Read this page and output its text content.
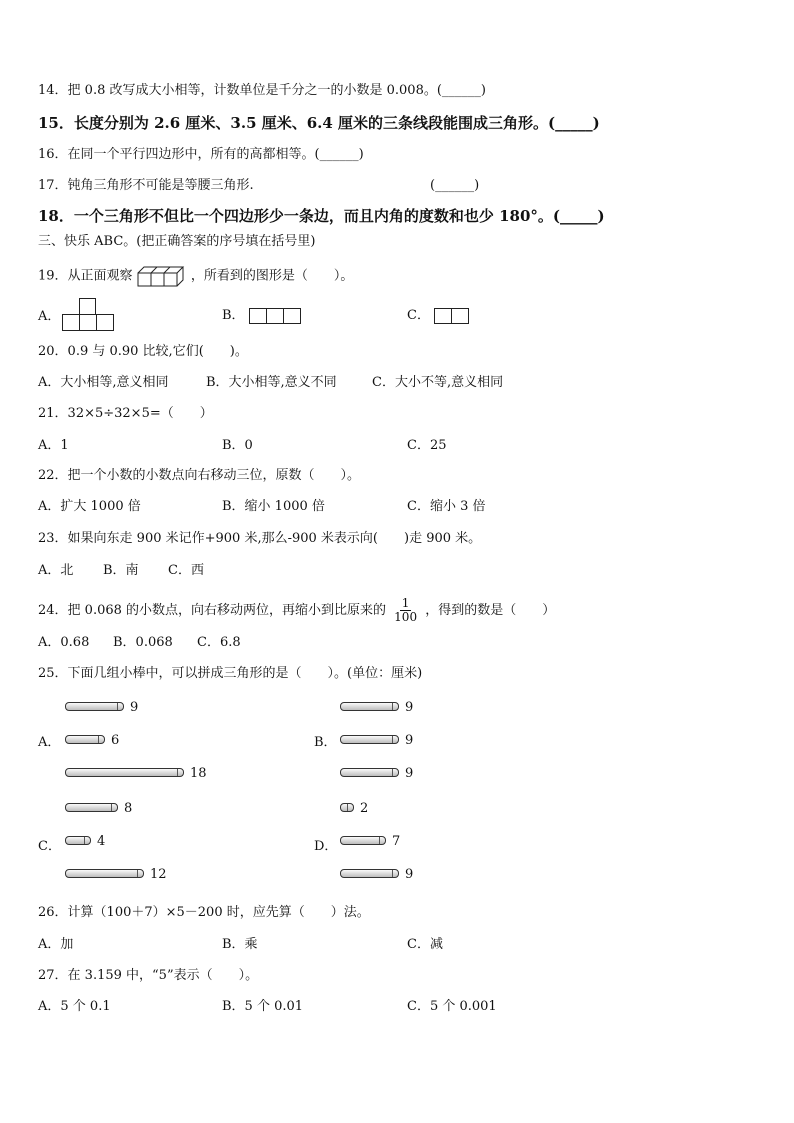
14．把 0.8 改写成大小相等，计数单位是千分之一的小数是 0.008。(______)
15．长度分别为 2.6 厘米、3.5 厘米、6.4 厘米的三条线段能围成三角形。(_____)
16．在同一个平行四边形中，所有的高都相等。(______)
17．钝角三角形不可能是等腰三角形.	(______)
18．一个三角形不但比一个四边形少一条边，而且内角的度数和也少 180°。(_____)
三、快乐 ABC。(把正确答案的序号填在括号里)
19．从正面观察	，所看到的图形是（　　）。
A．	B．	C．
20．0.9 与 0.90 比较,它们(　　)。
A．大小相等,意义相同	B．大小相等,意义不同	C．大小不等,意义相同
21．32×5÷32×5=（　　）
A．1	B．0	C．25
22．把一个小数的小数点向右移动三位，原数（　　）。
A．扩大 1000 倍	B．缩小 1000 倍	C．缩小 3 倍
23．如果向东走 900 米记作+900 米,那么-900 米表示向(　　)走 900 米。
A．北 B．南 C．西
24．把 0.068 的小数点，向右移动两位，再缩小到比原来的 $\frac{1}{100}$ ，得到的数是（　　）
A．0.68 B．0.068 C．6.8
25．下面几组小棒中，可以拼成三角形的是（　　）。(单位：厘米)
A．	B．
C．	D．
9
6
18
9
9
9
8
4
12
2
7
9
26．计算（100＋7）×5－200 时，应先算（　　）法。
A．加	B．乘	C．减
27．在 3.159 中，“5”表示（　　）。
A．5 个 0.1	B．5 个 0.01	C．5 个 0.001
